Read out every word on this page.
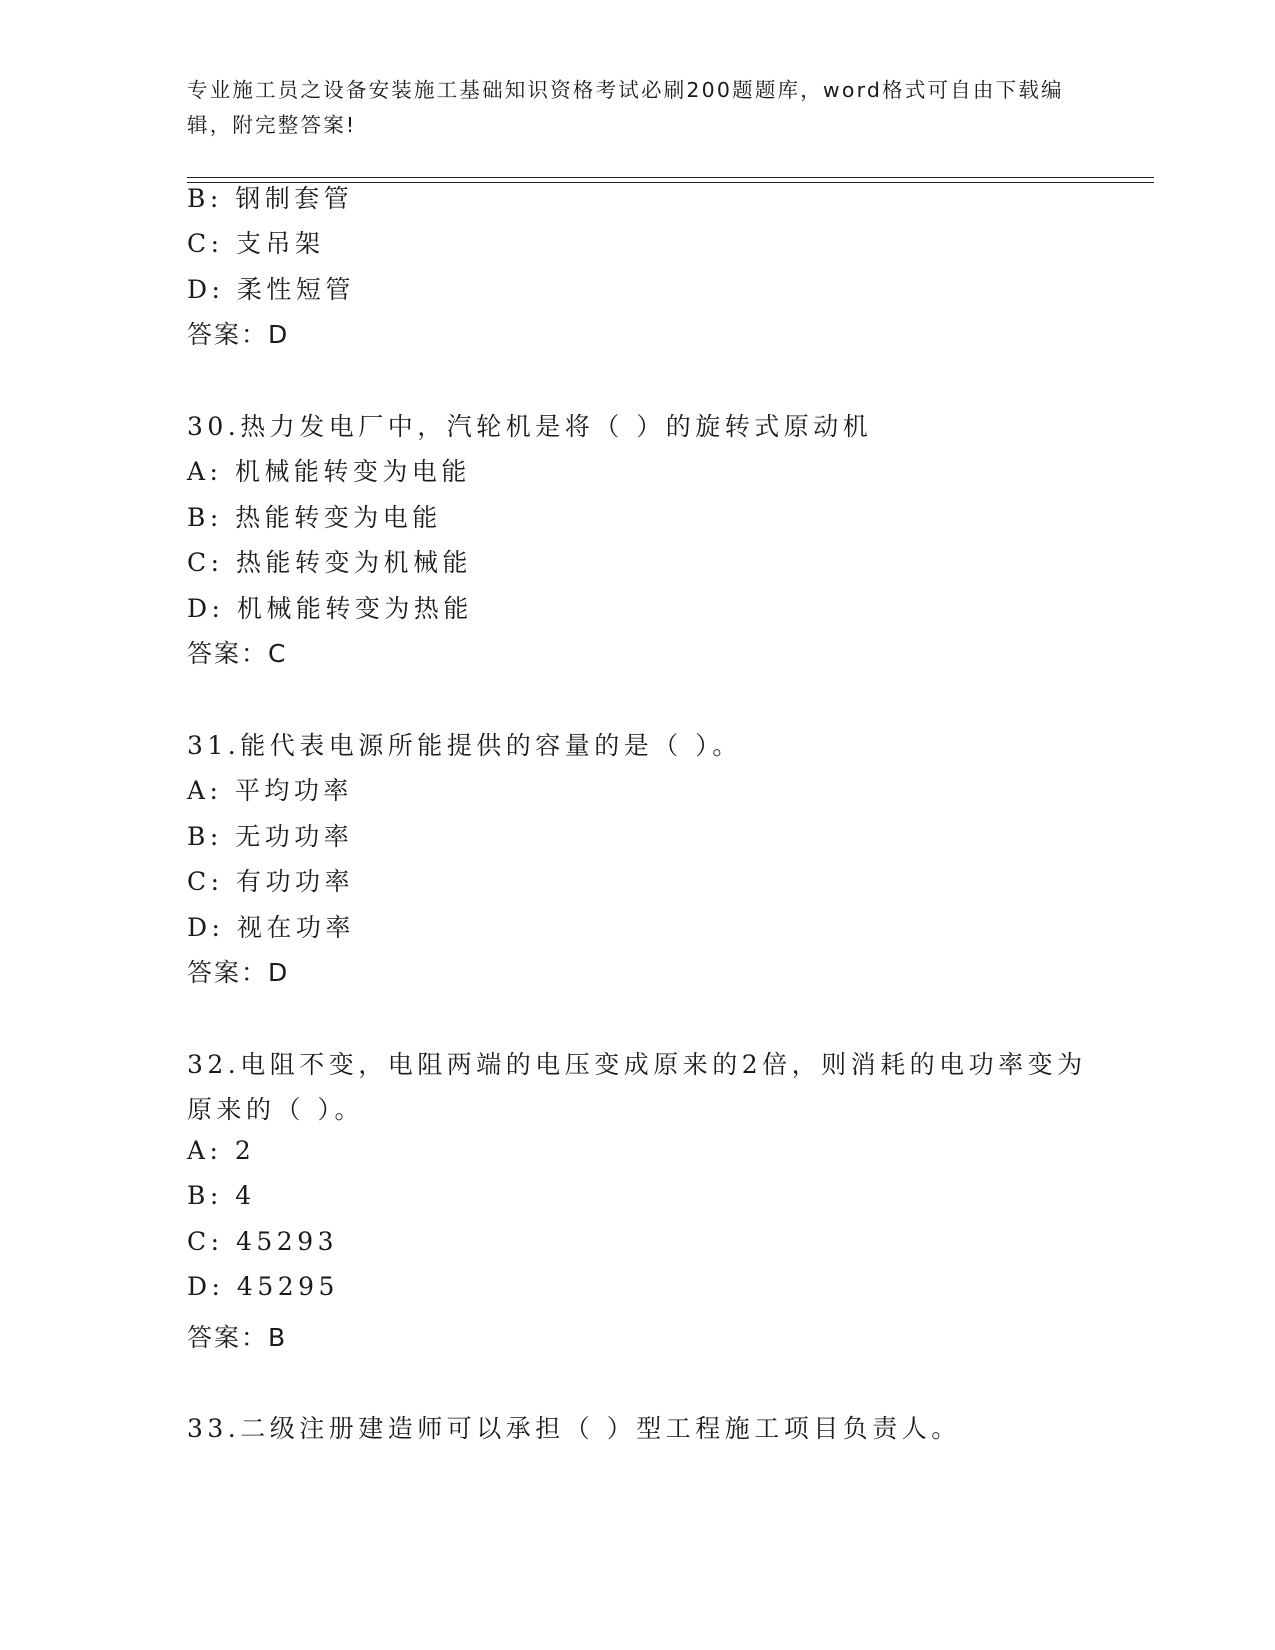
专业施工员之设备安装施工基础知识资格考试必刷200题题库，word格式可自由下载编辑，附完整答案!
B: 钢制套管
C: 支吊架
D: 柔性短管
答案：D
30.热力发电厂中，汽轮机是将（ ）的旋转式原动机
A: 机械能转变为电能
B: 热能转变为电能
C: 热能转变为机械能
D: 机械能转变为热能
答案：C
31.能代表电源所能提供的容量的是（ ）。
A: 平均功率
B: 无功功率
C: 有功功率
D: 视在功率
答案：D
32.电阻不变，电阻两端的电压变成原来的2倍，则消耗的电功率变为
原来的（ ）。
A: 2
B: 4
C: 45293
D: 45295
答案：B
33.二级注册建造师可以承担（ ）型工程施工项目负责人。
